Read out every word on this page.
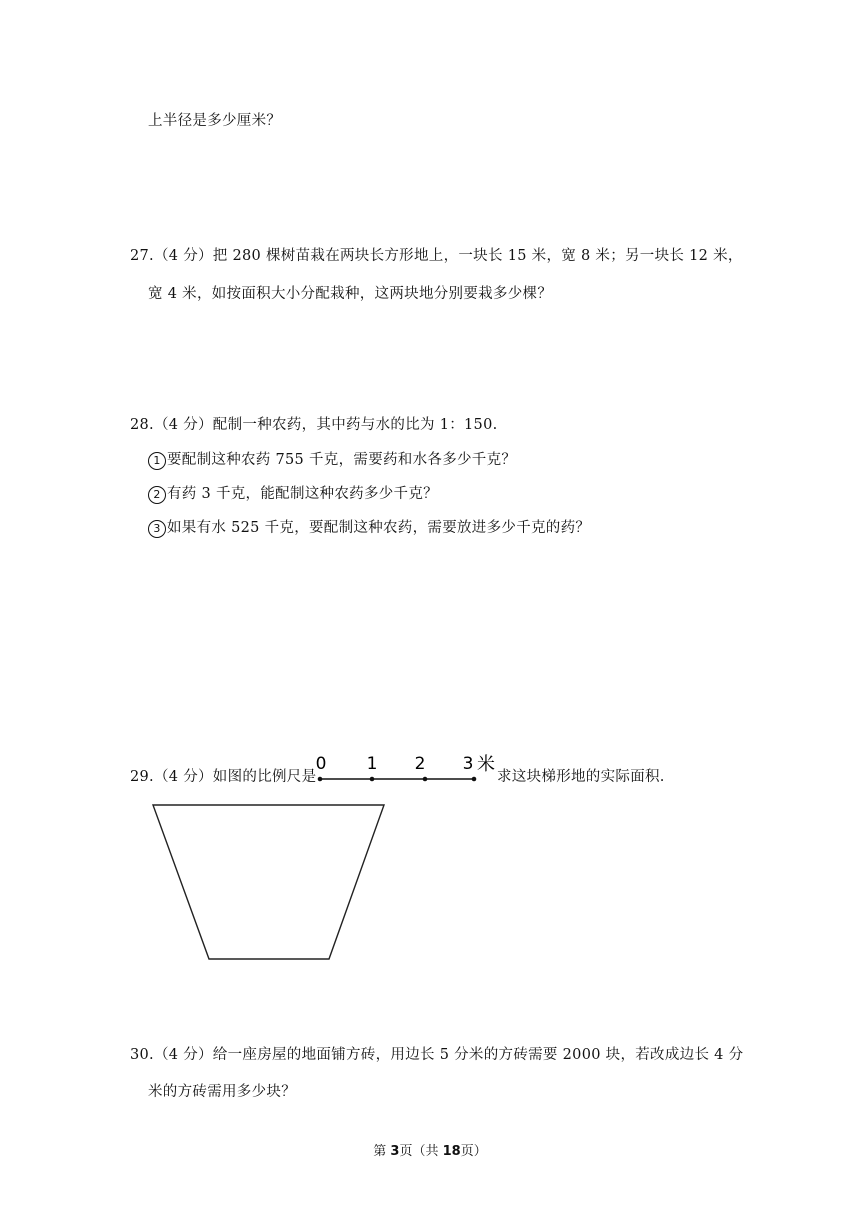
上半径是多少厘米？
27.（4 分）把 280 棵树苗栽在两块长方形地上，一块长 15 米，宽 8 米；另一块长 12 米，
宽 4 米，如按面积大小分配栽种，这两块地分别要栽多少棵？
28.（4 分）配制一种农药，其中药与水的比为 1：150.
1 要配制这种农药 755 千克，需要药和水各多少千克？
2 有药 3 千克，能配制这种农药多少千克？
3 如果有水 525 千克，要配制这种农药，需要放进多少千克的药？
29.（4 分）如图的比例尺是
0 1 2 3 米
求这块梯形地的实际面积.
30.（4 分）给一座房屋的地面铺方砖，用边长 5 分米的方砖需要 2000 块，若改成边长 4 分
米的方砖需用多少块？
第 3页（共 18页）
